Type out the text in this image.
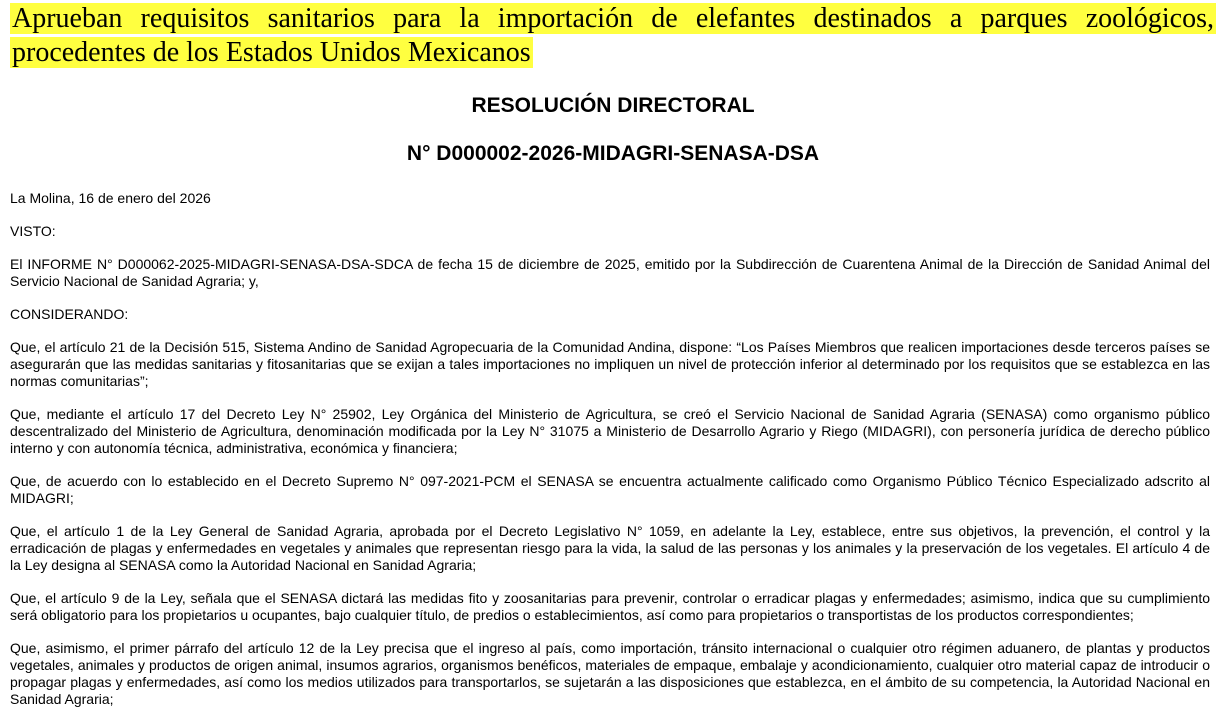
Aprueban requisitos sanitarios para la importación de elefantes destinados a parques zoológicos, procedentes de los Estados Unidos Mexicanos
RESOLUCIÓN DIRECTORAL
N° D000002-2026-MIDAGRI-SENASA-DSA

La Molina, 16 de enero del 2026

VISTO:

El INFORME N° D000062-2025-MIDAGRI-SENASA-DSA-SDCA de fecha 15 de diciembre de 2025, emitido por la Subdirección de Cuarentena Animal de la Dirección de Sanidad Animal del Servicio Nacional de Sanidad Agraria; y,

CONSIDERANDO:

Que, el artículo 21 de la Decisión 515, Sistema Andino de Sanidad Agropecuaria de la Comunidad Andina, dispone: “Los Países Miembros que realicen importaciones desde terceros países se asegurarán que las medidas sanitarias y fitosanitarias que se exijan a tales importaciones no impliquen un nivel de protección inferior al determinado por los requisitos que se establezca en las normas comunitarias”;

Que, mediante el artículo 17 del Decreto Ley N° 25902, Ley Orgánica del Ministerio de Agricultura, se creó el Servicio Nacional de Sanidad Agraria (SENASA) como organismo público descentralizado del Ministerio de Agricultura, denominación modificada por la Ley N° 31075 a Ministerio de Desarrollo Agrario y Riego (MIDAGRI), con personería jurídica de derecho público interno y con autonomía técnica, administrativa, económica y financiera;

Que, de acuerdo con lo establecido en el Decreto Supremo N° 097-2021-PCM el SENASA se encuentra actualmente calificado como Organismo Público Técnico Especializado adscrito al MIDAGRI;

Que, el artículo 1 de la Ley General de Sanidad Agraria, aprobada por el Decreto Legislativo N° 1059, en adelante la Ley, establece, entre sus objetivos, la prevención, el control y la erradicación de plagas y enfermedades en vegetales y animales que representan riesgo para la vida, la salud de las personas y los animales y la preservación de los vegetales. El artículo 4 de la Ley designa al SENASA como la Autoridad Nacional en Sanidad Agraria;

Que, el artículo 9 de la Ley, señala que el SENASA dictará las medidas fito y zoosanitarias para prevenir, controlar o erradicar plagas y enfermedades; asimismo, indica que su cumplimiento será obligatorio para los propietarios u ocupantes, bajo cualquier título, de predios o establecimientos, así como para propietarios o transportistas de los productos correspondientes;

Que, asimismo, el primer párrafo del artículo 12 de la Ley precisa que el ingreso al país, como importación, tránsito internacional o cualquier otro régimen aduanero, de plantas y productos vegetales, animales y productos de origen animal, insumos agrarios, organismos benéficos, materiales de empaque, embalaje y acondicionamiento, cualquier otro material capaz de introducir o propagar plagas y enfermedades, así como los medios utilizados para transportarlos, se sujetarán a las disposiciones que establezca, en el ámbito de su competencia, la Autoridad Nacional en Sanidad Agraria;
